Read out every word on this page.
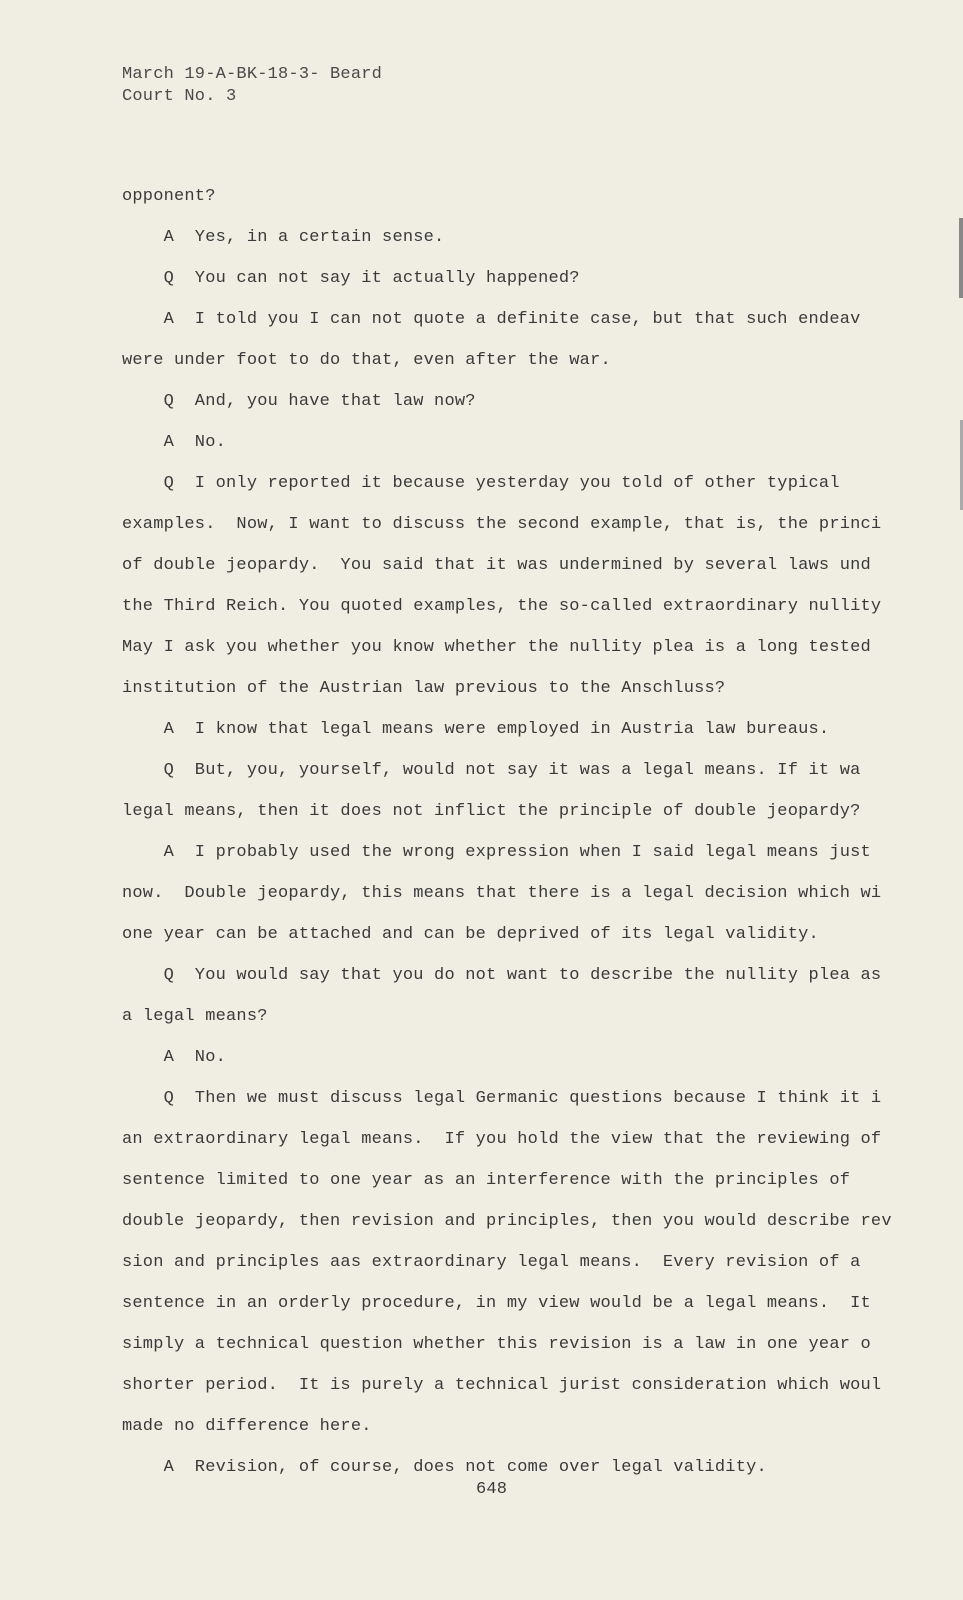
March 19-A-BK-18-3- Beard
Court No. 3
opponent?
A  Yes, in a certain sense.
Q  You can not say it actually happened?
A  I told you I can not quote a definite case, but that such endeav
were under foot to do that, even after the war.
Q  And, you have that law now?
A  No.
Q  I only reported it because yesterday you told of other typical
examples.  Now, I want to discuss the second example, that is, the princi
of double jeopardy.  You said that it was undermined by several laws und
the Third Reich. You quoted examples, the so-called extraordinary nullity
May I ask you whether you know whether the nullity plea is a long tested
institution of the Austrian law previous to the Anschluss?
A  I know that legal means were employed in Austria law bureaus.
Q  But, you, yourself, would not say it was a legal means. If it wa
legal means, then it does not inflict the principle of double jeopardy?
A  I probably used the wrong expression when I said legal means just
now.  Double jeopardy, this means that there is a legal decision which wi
one year can be attached and can be deprived of its legal validity.
Q  You would say that you do not want to describe the nullity plea as
a legal means?
A  No.
Q  Then we must discuss legal Germanic questions because I think it i
an extraordinary legal means.  If you hold the view that the reviewing of
sentence limited to one year as an interference with the principles of
double jeopardy, then revision and principles, then you would describe rev
sion and principles aas extraordinary legal means.  Every revision of a
sentence in an orderly procedure, in my view would be a legal means.  It
simply a technical question whether this revision is a law in one year o
shorter period.  It is purely a technical jurist consideration which woul
made no difference here.
A  Revision, of course, does not come over legal validity.
648
